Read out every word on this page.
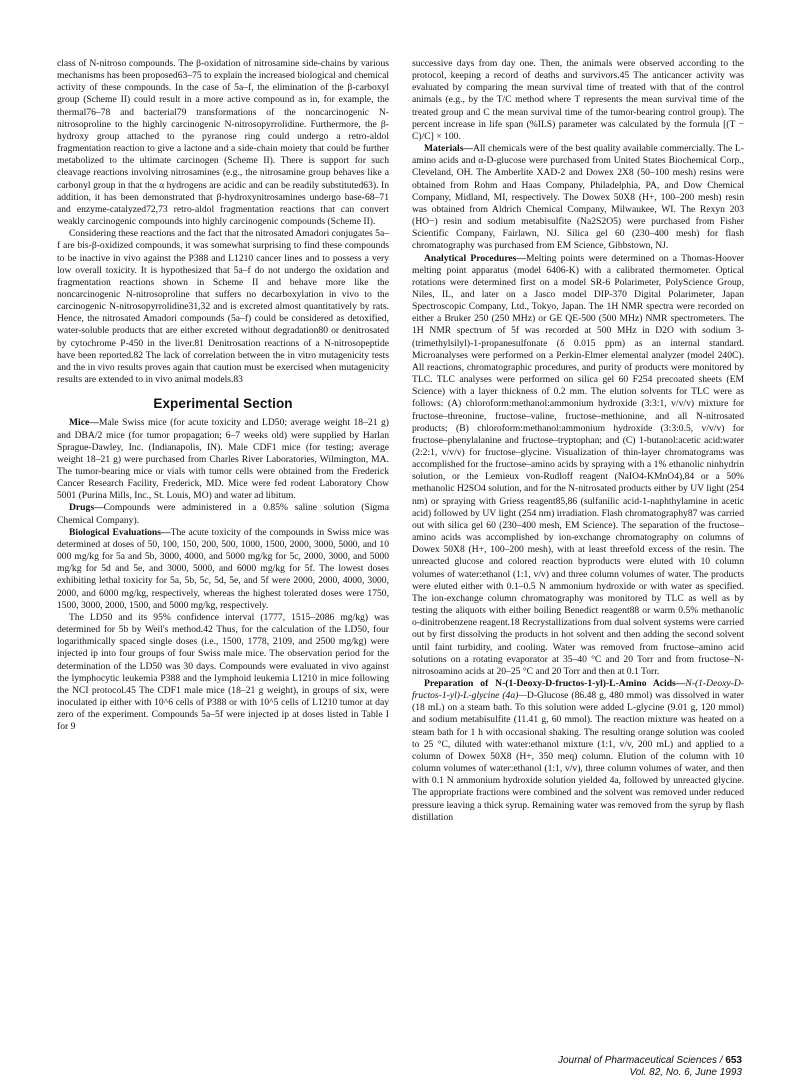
class of N-nitroso compounds. The β-oxidation of nitrosamine side-chains by various mechanisms has been proposed63–75 to explain the increased biological and chemical activity of these compounds. In the case of 5a–f, the elimination of the β-carboxyl group (Scheme II) could result in a more active compound as in, for example, the thermal76–78 and bacterial79 transformations of the noncarcinogenic N-nitrosoproline to the highly carcinogenic N-nitrosopyrrolidine. Furthermore, the β-hydroxy group attached to the pyranose ring could undergo a retro-aldol fragmentation reaction to give a lactone and a side-chain moiety that could be further metabolized to the ultimate carcinogen (Scheme II). There is support for such cleavage reactions involving nitrosamines (e.g., the nitrosamine group behaves like a carbonyl group in that the α hydrogens are acidic and can be readily substituted63). In addition, it has been demonstrated that β-hydroxynitrosamines undergo base-68–71 and enzyme-catalyzed72,73 retro-aldol fragmentation reactions that can convert weakly carcinogenic compounds into highly carcinogenic compounds (Scheme II).

Considering these reactions and the fact that the nitrosated Amadori conjugates 5a–f are bis-β-oxidized compounds, it was somewhat surprising to find these compounds to be inactive in vivo against the P388 and L1210 cancer lines and to possess a very low overall toxicity. It is hypothesized that 5a–f do not undergo the oxidation and fragmentation reactions shown in Scheme II and behave more like the noncarcinogenic N-nitrosoproline that suffers no decarboxylation in vivo to the carcinogenic N-nitrosopyrrolidine31,32 and is excreted almost quantitatively by rats. Hence, the nitrosated Amadori compounds (5a–f) could be considered as detoxified, water-soluble products that are either excreted without degradation80 or denitrosated by cytochrome P-450 in the liver.81 Denitrosation reactions of a N-nitrosopeptide have been reported.82 The lack of correlation between the in vitro mutagenicity tests and the in vivo results proves again that caution must be exercised when mutagenicity results are extended to in vivo animal models.83

Experimental Section

Mice—Male Swiss mice (for acute toxicity and LD50; average weight 18–21 g) and DBA/2 mice (for tumor propagation; 6–7 weeks old) were supplied by Harlan Sprague-Dawley, Inc. (Indianapolis, IN). Male CDF1 mice (for testing; average weight 18–21 g) were purchased from Charles River Laboratories, Wilmington, MA. The tumor-bearing mice or vials with tumor cells were obtained from the Frederick Cancer Research Facility, Frederick, MD. Mice were fed rodent Laboratory Chow 5001 (Purina Mills, Inc., St. Louis, MO) and water ad libitum.

Drugs—Compounds were administered in a 0.85% saline solution (Sigma Chemical Company).

Biological Evaluations—The acute toxicity of the compounds in Swiss mice was determined at doses of 50, 100, 150, 200, 500, 1000, 1500, 2000, 3000, 5000, and 10 000 mg/kg for 5a and 5b, 3000, 4000, and 5000 mg/kg for 5c, 2000, 3000, and 5000 mg/kg for 5d and 5e, and 3000, 5000, and 6000 mg/kg for 5f. The lowest doses exhibiting lethal toxicity for 5a, 5b, 5c, 5d, 5e, and 5f were 2000, 2000, 4000, 3000, 2000, and 6000 mg/kg, respectively, whereas the highest tolerated doses were 1750, 1500, 3000, 2000, 1500, and 5000 mg/kg, respectively.

The LD50 and its 95% confidence interval (1777, 1515–2086 mg/kg) was determined for 5b by Weil's method.42 Thus, for the calculation of the LD50, four logarithmically spaced single doses (i.e., 1500, 1778, 2109, and 2500 mg/kg) were injected ip into four groups of four Swiss male mice. The observation period for the determination of the LD50 was 30 days. Compounds were evaluated in vivo against the lymphocytic leukemia P388 and the lymphoid leukemia L1210 in mice following the NCI protocol.45 The CDF1 male mice (18–21 g weight), in groups of six, were inoculated ip either with 10^6 cells of P388 or with 10^5 cells of L1210 tumor at day zero of the experiment. Compounds 5a–5f were injected ip at doses listed in Table I for 9

successive days from day one. Then, the animals were observed according to the protocol, keeping a record of deaths and survivors.45 The anticancer activity was evaluated by comparing the mean survival time of treated with that of the control animals (e.g., by the T/C method where T represents the mean survival time of the treated group and C the mean survival time of the tumor-bearing control group). The percent increase in life span (%ILS) parameter was calculated by the formula [(T − C)/C] × 100.

Materials—All chemicals were of the best quality available commercially. The L-amino acids and α-D-glucose were purchased from United States Biochemical Corp., Cleveland, OH. The Amberlite XAD-2 and Dowex 2X8 (50–100 mesh) resins were obtained from Rohm and Haas Company, Philadelphia, PA, and Dow Chemical Company, Midland, MI, respectively. The Dowex 50X8 (H+, 100–200 mesh) resin was obtained from Aldrich Chemical Company, Milwaukee, WI. The Rexyn 203 (HO−) resin and sodium metabisulfite (Na2S2O5) were purchased from Fisher Scientific Company, Fairlawn, NJ. Silica gel 60 (230–400 mesh) for flash chromatography was purchased from EM Science, Gibbstown, NJ.

Analytical Procedures—Melting points were determined on a Thomas-Hoover melting point apparatus (model 6406-K) with a calibrated thermometer. Optical rotations were determined first on a model SR-6 Polarimeter, PolyScience Group, Niles, IL, and later on a Jasco model DIP-370 Digital Polarimeter, Japan Spectroscopic Company, Ltd., Tokyo, Japan. The 1H NMR spectra were recorded on either a Bruker 250 (250 MHz) or GE QE-500 (500 MHz) NMR spectrometers. The 1H NMR spectrum of 5f was recorded at 500 MHz in D2O with sodium 3-(trimethylsilyl)-1-propanesulfonate (δ 0.015 ppm) as an internal standard. Microanalyses were performed on a Perkin-Elmer elemental analyzer (model 240C). All reactions, chromatographic procedures, and purity of products were monitored by TLC. TLC analyses were performed on silica gel 60 F254 precoated sheets (EM Science) with a layer thickness of 0.2 mm. The elution solvents for TLC were as follows: (A) chloroform:methanol:ammonium hydroxide (3:3:1, v/v/v) mixture for fructose–threonine, fructose–valine, fructose–methionine, and all N-nitrosated products; (B) chloroform:methanol:ammonium hydroxide (3:3:0.5, v/v/v) for fructose–phenylalanine and fructose–tryptophan; and (C) 1-butanol:acetic acid:water (2:2:1, v/v/v) for fructose–glycine. Visualization of thin-layer chromatograms was accomplished for the fructose–amino acids by spraying with a 1% ethanolic ninhydrin solution, or the Lemieux von-Rudloff reagent (NaIO4-KMnO4),84 or a 50% methanolic H2SO4 solution, and for the N-nitrosated products either by UV light (254 nm) or spraying with Griess reagent85,86 (sulfanilic acid-1-naphthylamine in acetic acid) followed by UV light (254 nm) irradiation. Flash chromatography87 was carried out with silica gel 60 (230–400 mesh, EM Science). The separation of the fructose–amino acids was accomplished by ion-exchange chromatography on columns of Dowex 50X8 (H+, 100–200 mesh), with at least threefold excess of the resin. The unreacted glucose and colored reaction byproducts were eluted with 10 column volumes of water:ethanol (1:1, v/v) and three column volumes of water. The products were eluted either with 0.1–0.5 N ammonium hydroxide or with water as specified. The ion-exchange column chromatography was monitored by TLC as well as by testing the aliquots with either boiling Benedict reagent88 or warm 0.5% methanolic o-dinitrobenzene reagent.18 Recrystallizations from dual solvent systems were carried out by first dissolving the products in hot solvent and then adding the second solvent until faint turbidity, and cooling. Water was removed from fructose–amino acid solutions on a rotating evaporator at 35–40 °C and 20 Torr and from fructose–N-nitrosoamino acids at 20–25 °C and 20 Torr and then at 0.1 Torr.

Preparation of N-(1-Deoxy-D-fructos-1-yl)-L-Amino Acids—N-(1-Deoxy-D-fructos-1-yl)-L-glycine (4a)—D-Glucose (86.48 g, 480 mmol) was dissolved in water (18 mL) on a steam bath. To this solution were added L-glycine (9.01 g, 120 mmol) and sodium metabisulfite (11.41 g, 60 mmol). The reaction mixture was heated on a steam bath for 1 h with occasional shaking. The resulting orange solution was cooled to 25 °C, diluted with water:ethanol mixture (1:1, v/v, 200 mL) and applied to a column of Dowex 50X8 (H+, 350 meq) column. Elution of the column with 10 column volumes of water:ethanol (1:1, v/v), three column volumes of water, and then with 0.1 N ammonium hydroxide solution yielded 4a, followed by unreacted glycine. The appropriate fractions were combined and the solvent was removed under reduced pressure leaving a thick syrup. Remaining water was removed from the syrup by flash distillation

Journal of Pharmaceutical Sciences / 653
Vol. 82, No. 6, June 1993
